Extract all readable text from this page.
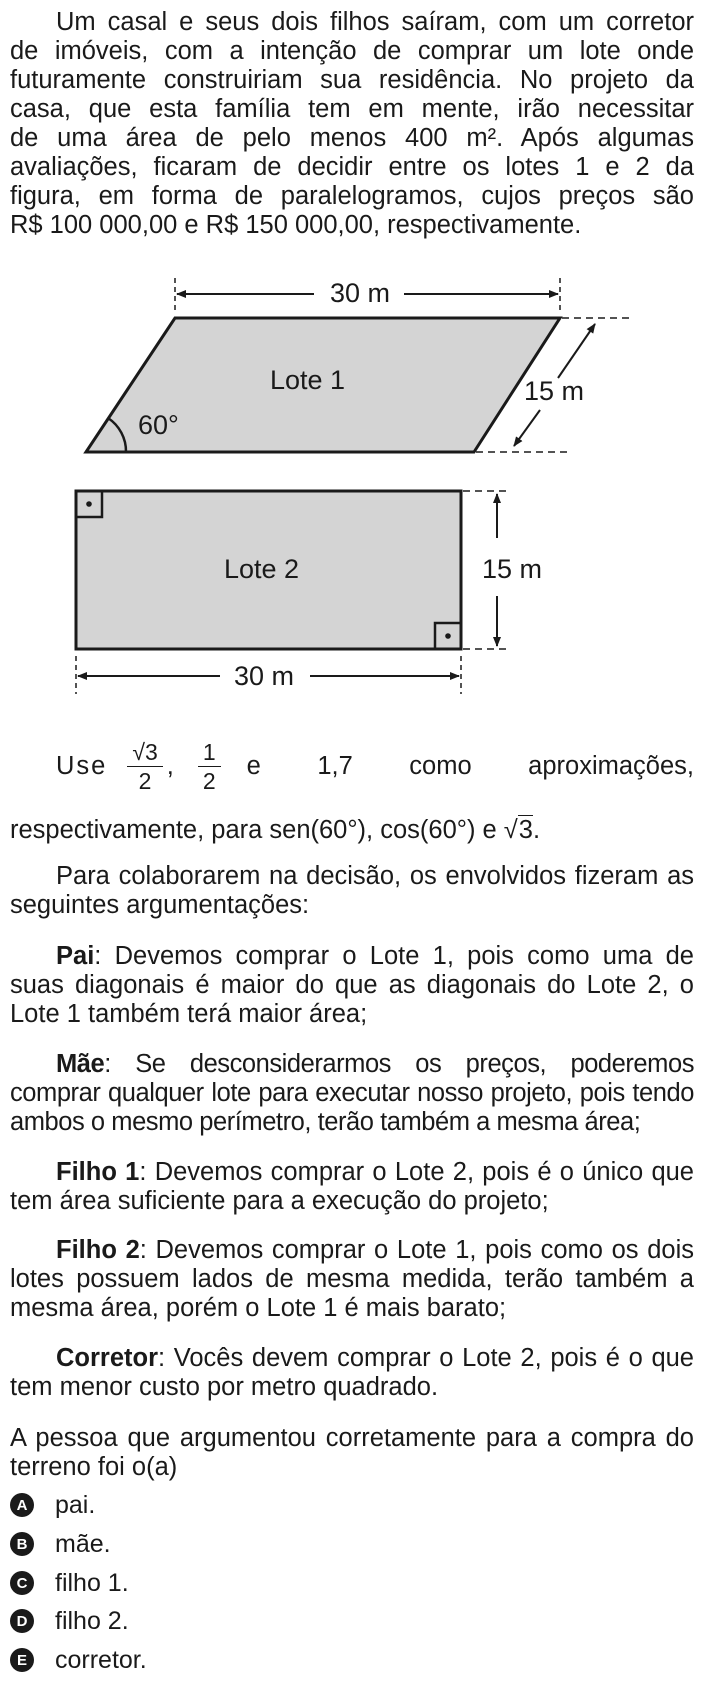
Um casal e seus dois filhos saíram, com um corretor
de imóveis, com a intenção de comprar um lote onde
futuramente construiriam sua residência. No projeto da
casa, que esta família tem em mente, irão necessitar
de uma área de pelo menos 400 m². Após algumas
avaliações, ficaram de decidir entre os lotes 1 e 2 da
figura, em forma de paralelogramos, cujos preços são
R$ 100 000,00 e R$ 150 000,00, respectivamente.
Lote 1
60°
30 m
15 m
Lote 2	15 m
30 m
Use $\frac{√3}{2}$ , $\frac{1}{2}$ e 1,7 como aproximações,
respectivamente, para sen(60°), cos(60°) e √3.

Para colaborarem na decisão, os envolvidos fizeram as seguintes argumentações:

Pai: Devemos comprar o Lote 1, pois como uma de suas diagonais é maior do que as diagonais do Lote 2, o Lote 1 também terá maior área;

Mãe: Se desconsiderarmos os preços, poderemos comprar qualquer lote para executar nosso projeto, pois tendo ambos o mesmo perímetro, terão também a mesma área;

Filho 1: Devemos comprar o Lote 2, pois é o único que tem área suficiente para a execução do projeto;

Filho 2: Devemos comprar o Lote 1, pois como os dois lotes possuem lados de mesma medida, terão também a mesma área, porém o Lote 1 é mais barato;

Corretor: Vocês devem comprar o Lote 2, pois é o que tem menor custo por metro quadrado.

A pessoa que argumentou corretamente para a compra do terreno foi o(a)

A pai.
B mãe.
C filho 1.
D filho 2.
E corretor.
